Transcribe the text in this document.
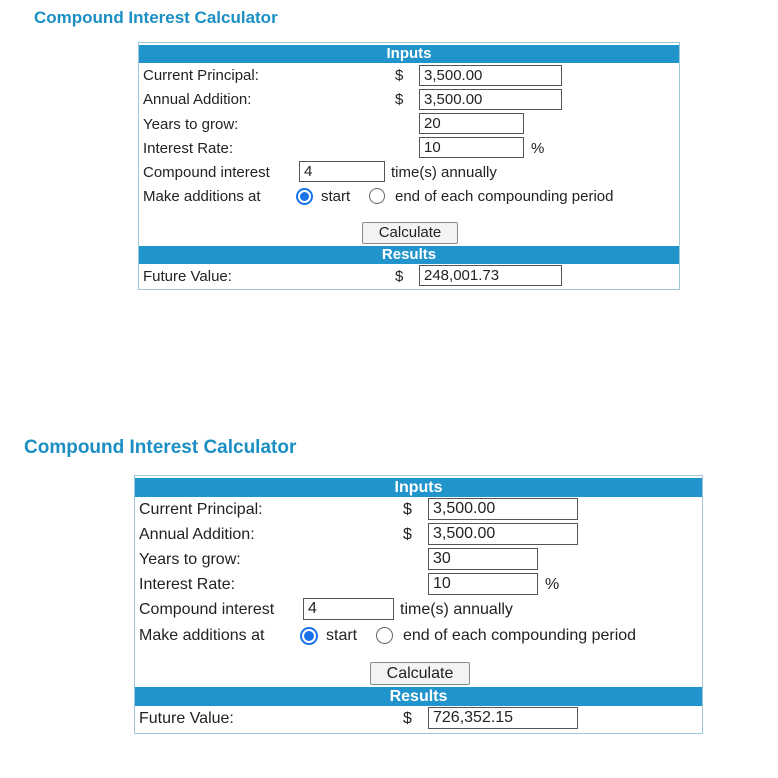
Compound Interest Calculator
Inputs
Current Principal:	$	3,500.00
Annual Addition:	$	3,500.00
Years to grow:	20
Interest Rate:	10	%
Compound interest	4	time(s) annually
Make additions at	start	end of each compounding period
Calculate
Results
Future Value:	$	248,001.73
Compound Interest Calculator
Inputs
Current Principal:	$	3,500.00
Annual Addition:	$	3,500.00
Years to grow:	30
Interest Rate:	10	%
Compound interest	4	time(s) annually
Make additions at	start	end of each compounding period
Calculate
Results
Future Value:	$	726,352.15
